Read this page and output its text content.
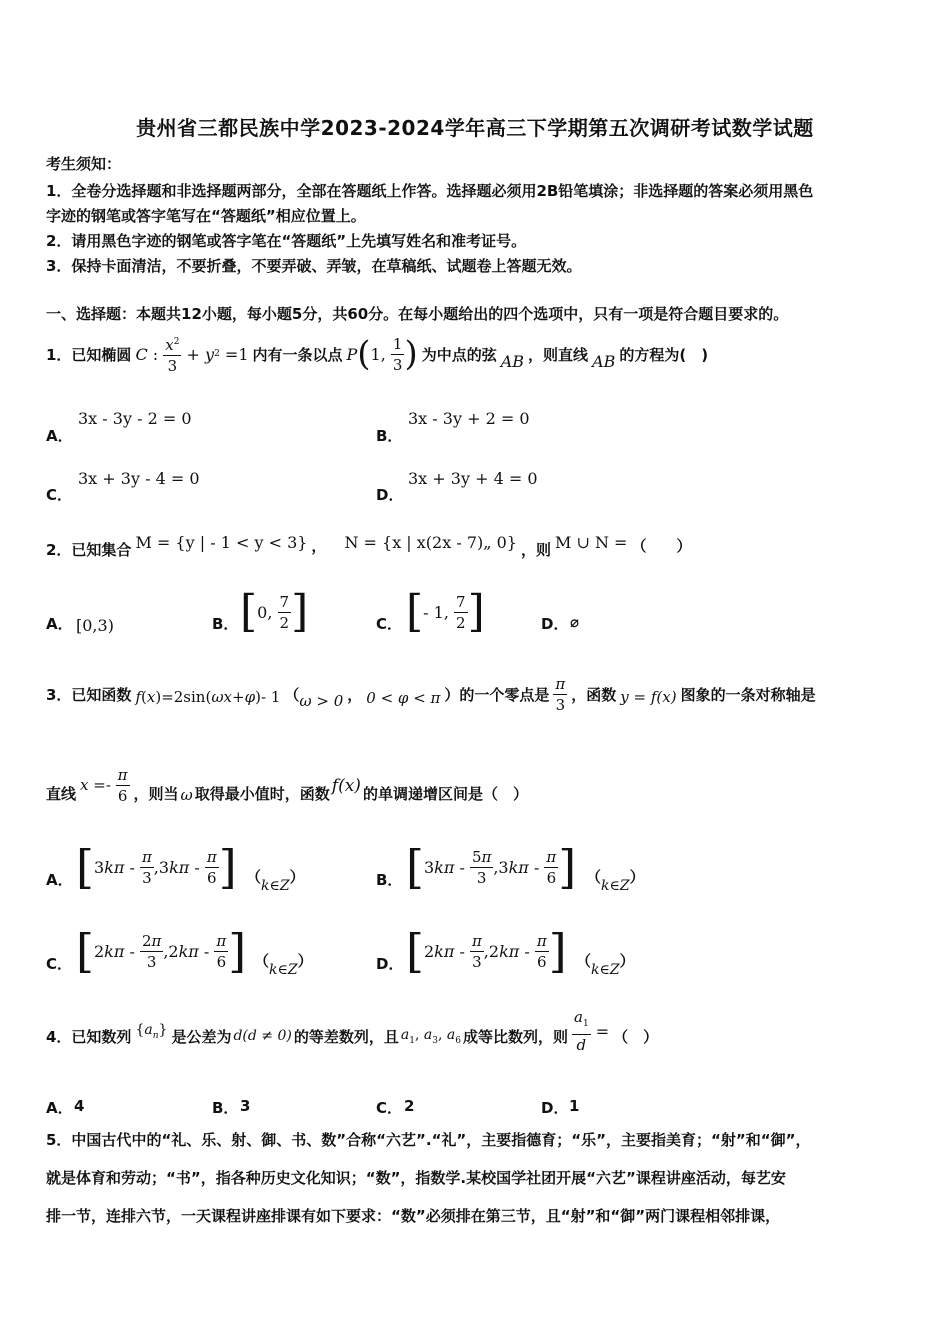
贵州省三都民族中学2023-2024学年高三下学期第五次调研考试数学试题
考生须知：
1．全卷分选择题和非选择题两部分，全部在答题纸上作答。选择题必须用2B铅笔填涂；非选择题的答案必须用黑色
字迹的钢笔或答字笔写在“答题纸”相应位置上。
2．请用黑色字迹的钢笔或答字笔在“答题纸”上先填写姓名和准考证号。
3．保持卡面清洁，不要折叠，不要弄破、弄皱，在草稿纸、试题卷上答题无效。
一、选择题：本题共12小题，每小题5分，共60分。在每小题给出的四个选项中，只有一项是符合题目要求的。
1．已知椭圆 C : $\frac{x^2}{3} + y$ 2 =1 内有一条以点 P ( 1, $\frac{1}{3}$ ) 为中点的弦 AB ，则直线 AB 的方程为(　)
A．
3x - 3y - 2 = 0
B．
3x - 3y + 2 = 0
C．
3x + 3y - 4 = 0
D．
3x + 3y + 4 = 0
2．已知集合 M = {y | - 1 < y < 3} ， N = {x | x(2x - 7)„ 0} ，则 M ∪ N = （　　）
A． [0,3)	B． [ 0, $\frac{7}{2}$ ]	C． [ - 1, $\frac{7}{2}$ ]	D． ⌀
3．已知函数 f(x)=2sin(ωx+φ)- 1 （ ω > 0 ， 0 < φ < π ）的一个零点是 $\frac{\pi}{3}$ ，函数 y = f(x) 图象的一条对称轴是
直线 $x =- \frac{\pi}{6}$ ，则当 ω 取得最小值时，函数 f(x) 的单调递增区间是（　）
A． [ 3 kπ - $\frac{\pi}{3} ,3$ kπ - $\frac{\pi}{6}$ ] （k∈Z）	B． [ 3 kπ - $\frac{5\pi}{3} ,3$ kπ - $\frac{\pi}{6}$ ] （k∈Z）
C． [ 2 kπ - $\frac{2\pi}{3} ,2$ kπ - $\frac{\pi}{6}$ ] （k∈Z）	D． [ 2 kπ - $\frac{\pi}{3} ,2$ kπ - $\frac{\pi}{6}$ ] （k∈Z）
4．已知数列 $\{a_n\}$ 是公差为 d(d ≠ 0) 的等差数列，且 $a_1$, $a_3$, $a_6$ 成等比数列，则 $\frac{a_1}{d}$ = （　）
A． 4	B． 3	C． 2	D． 1
5．中国古代中的“礼、乐、射、御、书、数”合称“六艺”.“礼”，主要指德育；“乐”，主要指美育；“射”和“御”，
就是体育和劳动；“书”，指各种历史文化知识；“数”，指数学.某校国学社团开展“六艺”课程讲座活动，每艺安
排一节，连排六节，一天课程讲座排课有如下要求：“数”必须排在第三节，且“射”和“御”两门课程相邻排课，
